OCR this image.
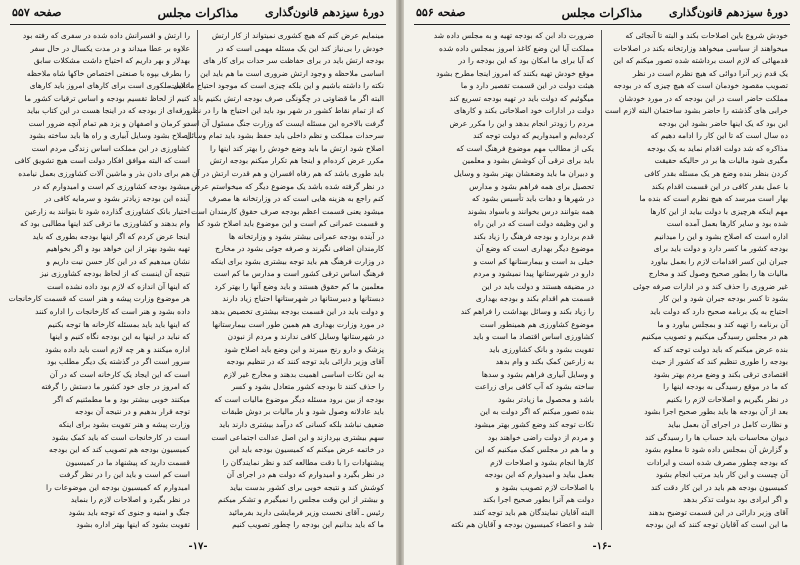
دورهٔ سیزدهم قانون‌گذاری
مذاکرات مجلس
صفحه ۵۵۷
مینمایم عرض کنم که هیچ کشوری نمیتواند از کار ارتش
خودش را بی‌نیاز کند این یک مسئله مهمی است که در
بودجه ارتش باید در برای حفاظت سر حدات برای کار های
اساسی ملاحظه و وجود ارتش ضروری است ما هم باید این
نکته را داشته باشیم و این بلکه چیزی است که موجود احتیاج ما است
البته اگر ما قضاوتی در چگونگی صرف بودجه ارتش بکنیم باید
که از تمام نقاط کشور در شهر بود باید این احتیاج ها را در نظر
گرفت بالاخره این مسئله ایست که وزارت جنگ مسئول آن است
سرحدات مملکت و نظم داخلی باید حفظ بشود باید تمام وسائل
اصلاح شود ارتش ما باید وضع خودش را بهتر کند اینها را
مکرر عرض کرده‌ام و اینجا هم تکرار میکنم بودجه ارتش
باید طوری باشد که هم رفاه افسران و هم قدرت ارتش در آن
در نظر گرفته شده باشد یک موضوع دیگر که میخواستم عرض
کنم راجع به هزینه هایی است که در وزارتخانه ها مصرف
میشود یعنی قسمت اعظم بودجه صرف حقوق کارمندان است
و قسمت عمرانی کم است و این موضوع باید اصلاح شود که
در آینده بودجه عمرانی بیشتر بشود و وزارتخانه ها
کارمندان اضافی نگیرند و صرفه جوئی بشود در مخارج
در وزارت فرهنگ هم باید توجه بیشتری بشود برای اینکه
فرهنگ اساس ترقی کشور است و مدارس ما کم است
معلمین ما کم حقوق هستند و باید وضع آنها را بهتر کرد
دبستانها و دبیرستانها در شهرستانها احتیاج زیاد دارند
و دولت باید در این قسمت بودجه بیشتری تخصیص بدهد
در مورد وزارت بهداری هم همین طور است بیمارستانها
در شهرستانها وسایل کافی ندارند و مردم از نبودن
پزشک و دارو رنج میبرند و این وضع باید اصلاح شود
آقای وزیر دارائی باید توجه کنند که در تنظیم بودجه
به این نکات اساسی اهمیت بدهند و مخارج غیر لازم
را حذف کنند تا بودجه کشور متعادل بشود و کسر
بودجه از بین برود مسئله دیگر موضوع مالیات است که
باید عادلانه وصول شود و بار مالیات بر دوش طبقات
ضعیف نباشد بلکه کسانی که درآمد بیشتری دارند باید
سهم بیشتری بپردازند و این اصل عدالت اجتماعی است
در خاتمه عرض میکنم که کمیسیون بودجه باید این
پیشنهادات را با دقت مطالعه کند و نظر نمایندگان را
در نظر بگیرد و امیدوارم که دولت هم در اجرای آن
کوشش کند و نتیجه خوبی برای کشور بدست بیاید
و بیشتر از این وقت مجلس را نمیگیرم و تشکر میکنم
رئیس ـ آقای نخست وزیر فرمایشی دارید بفرمائید
ما که باید بدانیم این بودجه را چطور تصویب کنیم
را ارتش و افسرانش داده شده در سفری که رفته بود
علاوه بر عطا میداند و در مدت یکسال در حال سفر
بهدلار و بهر داریم که احتیاج داشت مشکلات سابق
را بطرف بپوه با صنعتی اختصاص خاکها شاه ملاحظه
علایل ملکوری است برای کارهای امروز باید کارهای
کنیم از لحاظ تقسیم بودجه و اساس ترقیات کشور ما
ورقه‌ای از بودجه که در اینجا هست در این کتاب بیاید
در کرمان و اصفهان و یزد هم تمام آنچه ضرور است
اصلاح بشود وسایل آبیاری و راه ها باید ساخته بشود
کشاورزی در این مملکت اساس زندگی مردم است
است که البته موافق افکار دولت است هیچ تشویق کافی
هم برای دادن بذر و ماشین آلات کشاورزی بعمل نیامده
میشود بودجه کشاورزی کم است و امیدوارم که در
آینده این بودجه زیادتر بشود و سرمایه کافی در
اختیار بانک کشاورزی گذارده شود تا بتوانند به زارعین
وام بدهند و کشاورزی ما ترقی کند اینها مطالبی بود که
اینجا عرض کردم که اگر اینها بودجه بطوری که باید
تهیه بشود بهتر از این خواهد بود و اگر بخواهیم
نشان میدهیم که در این کار حسن نیت داریم و
نتیجه آن اینست که از لحاظ بودجه کشاورزی نیز
که اینها آن اندازه که لازم بود داده نشده است
هر موضوع وزارت پیشه و هنر است که قسمت کارخانجات
داده بشود و هنر است که کارخانجات را اداره کنند
که اینها باید باید بمسئله کارخانه ها توجه بکنیم
که نباید در اینها به این بودجه نگاه کنیم و اینها
اداره میکنند و هر چه لازم است باید داده بشود
سرور است اگر در گذشته یک دیگر مطلب بود
است که این ایجاد یک کارخانه است که در آن
که امروز در جای خود کشور ما دستش را گرفته
میکنند خوبی بیشتر بود و ما مطمئنیم که اگر
توجه قرار بدهیم و در نتیجه آن بودجه
وزارت پیشه و هنر تقویت بشود برای اینکه
است در کارخانجات است که باید کمک بشود
کمیسیون بودجه هم تصویب کند که این بودجه
قسمت دارید که پیشنهاد ما در کمیسیون
است کم است و باید این را در نظر گرفت
امیدوارم که کمیسیون بودجه این موضوعات را
در نظر بگیرد و اصلاحات لازم را بنماید
جنگ و امنیه و جنوی که توجه باید بشود
تقویت بشود که اینها بهتر اداره بشود
-۱۷-
دورهٔ سیزدهم قانون‌گذاری
مذاکرات مجلس
صفحه ۵۵۶
خودش شروع باین اصلاحات بکند و البته تا آنجائی که
میخواهند از سیاسی میخواهد وزارتخانه بکند در اصلاحات
قدمهائی که لازم است برداشته شده تصور میکنم که این
یک قدم زیر آنرا دوائی که هیچ نظرم است در نظر
تصویب مقصود خودمان است که هیچ چیزی که در بودجه
مملکت حاضر است در این بودجه که در مورد خودشان
خرابی های گذشته را حاضر بشود ساختمان البته لازم است
این بود که یک اینها حاضر بشود این بودجه
ده سال است که تا این کار را ادامه دهیم که
مذاکره که شد دولت اقدام نماید به یک بودجه
مگیری شود مالیات ها بر در حالیکه حقیقت
کردن بنظر بنده وضع هر یک مسئله بقدر کافی
با عمل بقدر کافی در این قسمت اقدام بکند
بهار است میرسد که هیچ نظرم است که بنده ما
مهم اینکه هرچیزی با دولت بیاید از این کارها
شده بود و سایر کارها بعمل آمده است
اداره است که اصلاح بشود و این را میدانیم
بودجه کشور ما کسر دارد و دولت باید برای
جبران این کسر اقدامات لازم را بعمل بیاورد
مالیات ها را بطور صحیح وصول کند و مخارج
غیر ضروری را حذف کند و در ادارات صرفه جوئی
بشود تا کسر بودجه جبران شود و این کار
احتیاج به یک برنامه صحیح دارد که دولت باید
آن برنامه را تهیه کند و بمجلس بیاورد و ما
هم در مجلس رسیدگی میکنیم و تصویب میکنیم
بنده عرض میکنم که باید دولت توجه کند که
بودجه را طوری تنظیم کند که کشور از حیث
اقتصادی ترقی بکند و وضع مردم بهتر بشود
که ما در موقع رسیدگی به بودجه اینها را
در نظر بگیریم و اصلاحات لازم را بکنیم
بعد از آن بودجه ها باید بطور صحیح اجرا بشود
و نظارت کامل در اجرای آن بعمل بیاید
دیوان محاسبات باید حساب ها را رسیدگی کند
و گزارش آن بمجلس داده شود تا معلوم بشود
که بودجه چطور مصرف شده است و ایرادات
آن چیست و این کار باید مرتب انجام بشود
کمیسیون بودجه هم باید در این کار دقت کند
و اگر ایرادی بود بدولت تذکر بدهد
آقای وزیر دارائی در این قسمت توضیح بدهند
ما این است که آقایان توجه کنند که این بودجه
ضرورت داد ابن که بودجه تهیه و به مجلس داده شد
مملکت آیا این وضع کاغذ امروز بمجلس داده شده
که آیا برای ما امکان بود که این بودجه را در
موقع خودش تهیه بکنند که امروز اینجا مطرح بشود
هیئت دولت در این قسمت تقصیر دارد و ما
میگوئیم که دولت باید در تهیه بودجه تسریع کند
دولت در ادارات خود اصلاحاتی بکند و کارهای
مردم را زودتر انجام بدهد و این را مکرر عرض
کرده‌ایم و امیدواریم که دولت توجه کند
یکی از مطالب مهم موضوع فرهنگ است که
باید برای ترقی آن کوشش بشود و معلمین
و دبیران ما باید وضعشان بهتر بشود و وسایل
تحصیل برای همه فراهم بشود و مدارس
در شهرها و دهات باید تأسیس بشود که
همه بتوانند درس بخوانند و باسواد بشوند
و این وظیفه دولت است که در این راه
قدم بردارد و بودجه فرهنگ را زیاد بکند
موضوع دیگر بهداری است که وضع آن
خیلی بد است و بیمارستانها کم است و
دارو در شهرستانها پیدا نمیشود و مردم
در مضیقه هستند و دولت باید در این
قسمت هم اقدام بکند و بودجه بهداری
را زیاد بکند و وسائل بهداشت را فراهم کند
موضوع کشاورزی هم همینطور است
کشاورزی اساس اقتصاد ما است و باید
تقویت بشود و بانک کشاورزی باید
به زارعین کمک بکند و وام بدهد
و وسایل آبیاری فراهم بشود و سدها
ساخته بشود که آب کافی برای زراعت
باشد و محصول ما زیادتر بشود
بنده تصور میکنم که اگر دولت به این
نکات توجه کند وضع کشور بهتر میشود
و مردم از دولت راضی خواهند بود
و ما هم در مجلس کمک میکنیم که این
کارها انجام بشود و اصلاحات لازم
بعمل بیاید و امیدوارم که این بودجه
با اصلاحات لازم تصویب بشود و
دولت هم آنرا بطور صحیح اجرا بکند
البته آقایان نمایندگان هم باید توجه کنند
شد و اعضاء کمیسیون بودجه و آقایان هم نکته
-۱۶-
